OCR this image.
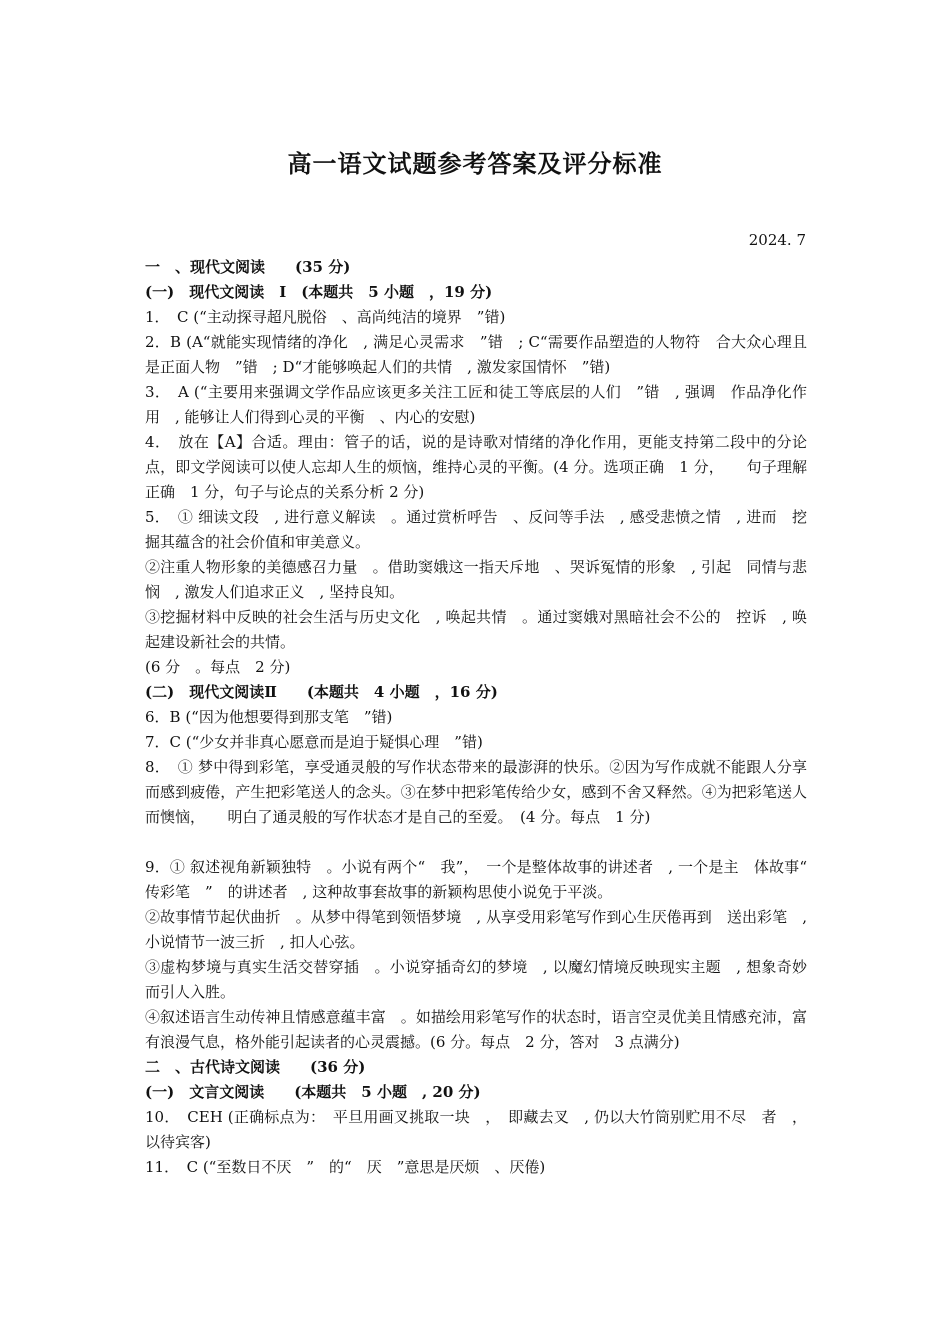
高一语文试题参考答案及评分标准
2024. 7

一　、现代文阅读　　(35 分)

(一)　现代文阅读　I　(本题共　5 小题　，19 分)

1．　C (“主动探寻超凡脱俗　、高尚纯洁的境界　”错)

2．B (A“就能实现情绪的净化　, 满足心灵需求　”错　; C“需要作品塑造的人物符　合大众心理且是正面人物　”错　; D“才能够唤起人们的共情　, 激发家国情怀　”错)

3．　A (“主要用来强调文学作品应该更多关注工匠和徒工等底层的人们　”错　, 强调　作品净化作用　, 能够让人们得到心灵的平衡　、内心的安慰)

4．　放在【A】合适。理由：管子的话，说的是诗歌对情绪的净化作用，更能支持第二段中的分论点，即文学阅读可以使人忘却人生的烦恼，维持心灵的平衡。(4 分。选项正确　1 分，　　句子理解正确　1 分，句子与论点的关系分析 2 分)

5．　① 细读文段　, 进行意义解读　。通过赏析呼告　、反问等手法　, 感受悲愤之情　, 进而　挖掘其蕴含的社会价值和审美意义。

②注重人物形象的美德感召力量　。借助窦娥这一指天斥地　、哭诉冤情的形象　, 引起　同情与悲悯　, 激发人们追求正义　, 坚持良知。

③挖掘材料中反映的社会生活与历史文化　, 唤起共情　。通过窦娥对黑暗社会不公的　控诉　, 唤起建设新社会的共情。

(6 分　。每点　2 分)

(二)　现代文阅读Ⅱ　　(本题共　4 小题　，16 分)

6．B (“因为他想要得到那支笔　”错)

7．C (“少女并非真心愿意而是迫于疑惧心理　”错)

8．　① 梦中得到彩笔，享受通灵般的写作状态带来的最澎湃的快乐。②因为写作成就不能跟人分享而感到疲倦，产生把彩笔送人的念头。③在梦中把彩笔传给少女，感到不舍又释然。④为把彩笔送人而懊恼，　　明白了通灵般的写作状态才是自己的至爱。　(4 分。每点　1 分)

9．① 叙述视角新颖独特　。小说有两个“　我”，　一个是整体故事的讲述者　, 一个是主　体故事“　传彩笔　”　的讲述者　, 这种故事套故事的新颖构思使小说免于平淡。

②故事情节起伏曲折　。从梦中得笔到领悟梦境　, 从享受用彩笔写作到心生厌倦再到　送出彩笔　, 小说情节一波三折　, 扣人心弦。

③虚构梦境与真实生活交替穿插　。小说穿插奇幻的梦境　, 以魔幻情境反映现实主题　, 想象奇妙而引人入胜。

④叙述语言生动传神且情感意蕴丰富　。如描绘用彩笔写作的状态时，语言空灵优美且情感充沛，富有浪漫气息，格外能引起读者的心灵震撼。(6 分。每点　2 分，答对　3 点满分)

二　、古代诗文阅读　　(36 分)

(一)　文言文阅读　　(本题共　5 小题　, 20 分)

10．　CEH (正确标点为：　平旦用画叉挑取一块　，　即藏去叉　, 仍以大竹筒别贮用不尽　者　，以待宾客)

11．　C (“至数日不厌　”　的“　厌　”意思是厌烦　、厌倦)
